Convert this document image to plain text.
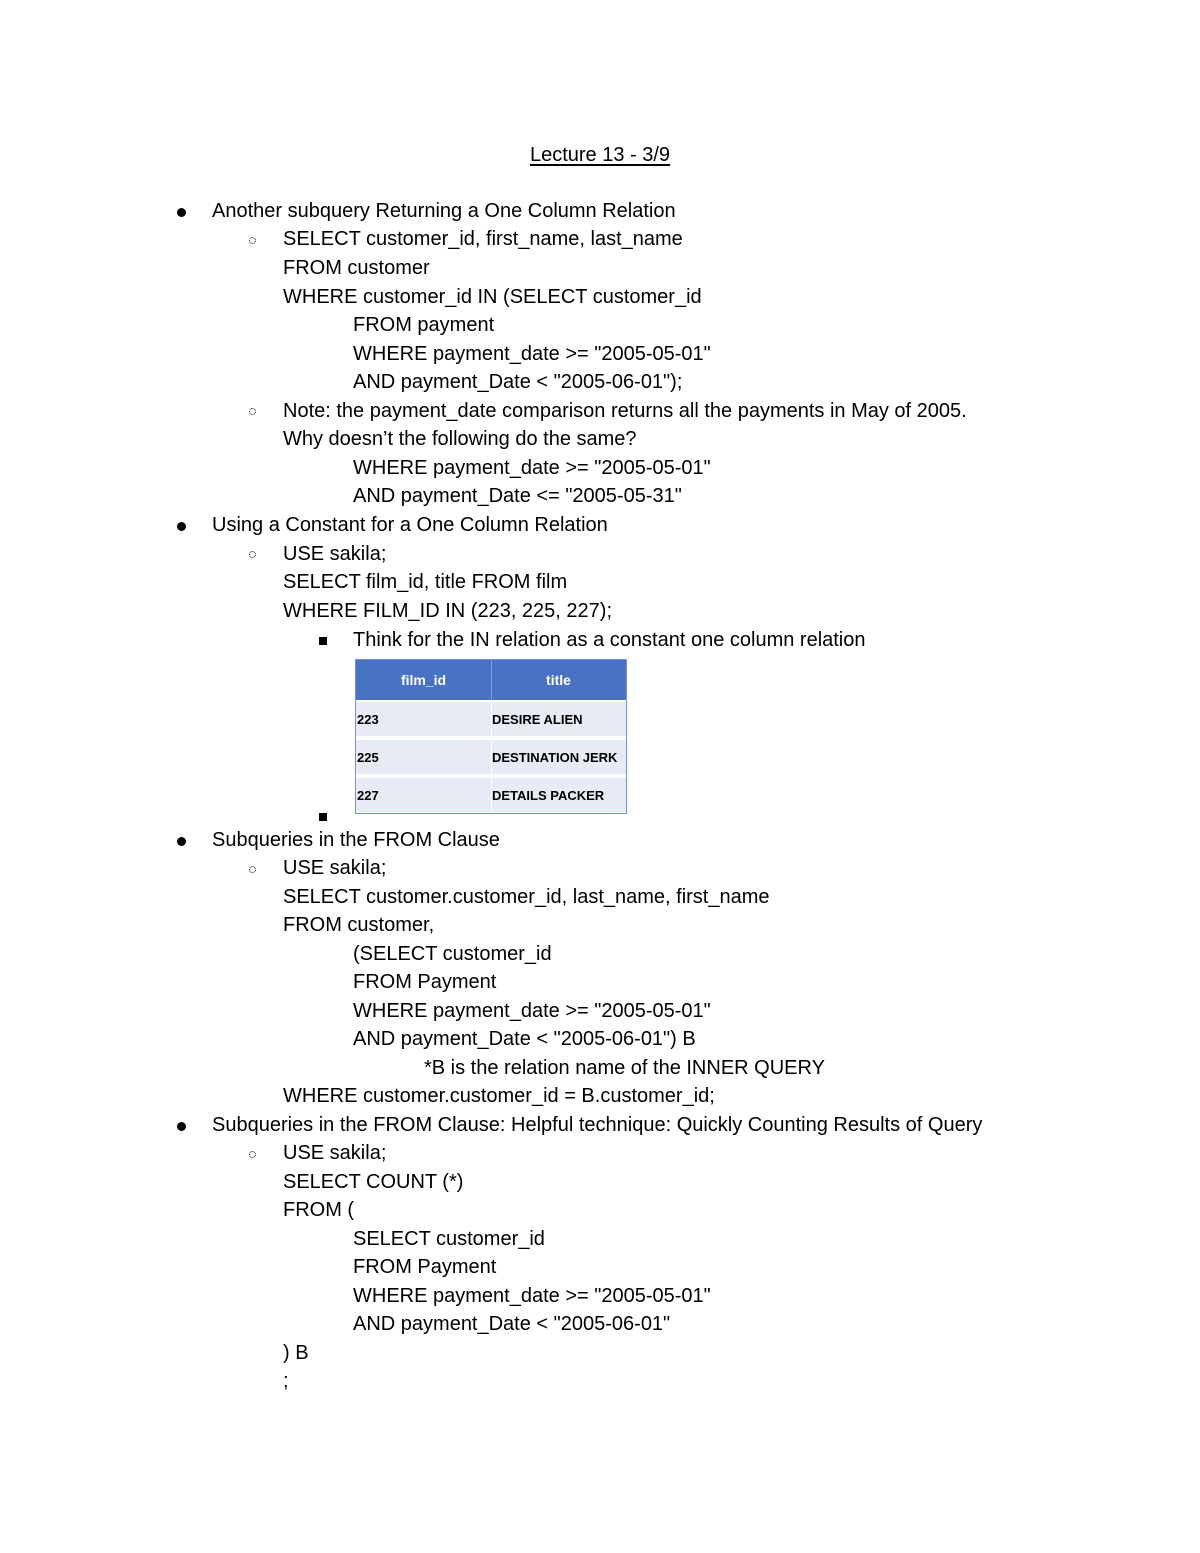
Lecture 13 - 3/9
Another subquery Returning a One Column Relation
SELECT customer_id, first_name, last_name
FROM customer
WHERE customer_id IN (SELECT customer_id
FROM payment
WHERE payment_date >= "2005-05-01"
AND payment_Date < "2005-06-01");
Note: the payment_date comparison returns all the payments in May of 2005.
Why doesn’t the following do the same?
WHERE payment_date >= "2005-05-01"
AND payment_Date <= "2005-05-31"
Using a Constant for a One Column Relation
USE sakila;
SELECT film_id, title FROM film
WHERE FILM_ID IN (223, 225, 227);
Think for the IN relation as a constant one column relation
film_id	title
223	DESIRE ALIEN
225	DESTINATION JERK
227	DETAILS PACKER
Subqueries in the FROM Clause
USE sakila;
SELECT customer.customer_id, last_name, first_name
FROM customer,
(SELECT customer_id
FROM Payment
WHERE payment_date >= "2005-05-01"
AND payment_Date < "2005-06-01") B
*B is the relation name of the INNER QUERY
WHERE customer.customer_id = B.customer_id;
Subqueries in the FROM Clause: Helpful technique: Quickly Counting Results of Query
USE sakila;
SELECT COUNT (*)
FROM (
SELECT customer_id
FROM Payment
WHERE payment_date >= "2005-05-01"
AND payment_Date < "2005-06-01"
) B
;
